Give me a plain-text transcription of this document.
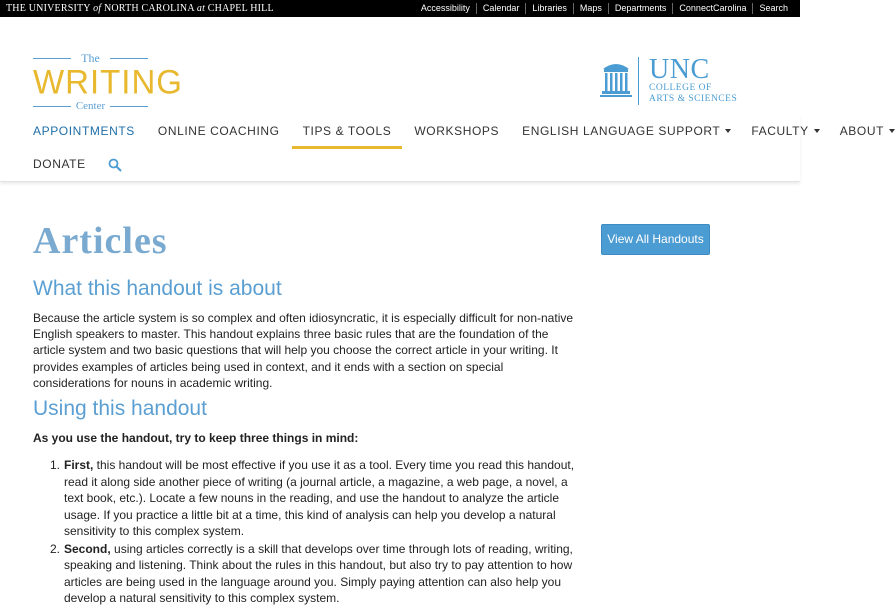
THE UNIVERSITY of NORTH CAROLINA at CHAPEL HILL	Accessibility	Calendar	Libraries	Maps	Departments	ConnectCarolina	Search
The
WRITING
Center
UNC
COLLEGE OF
ARTS & SCIENCES
APPOINTMENTS ONLINE COACHING TIPS & TOOLS WORKSHOPS ENGLISH LANGUAGE SUPPORT	FACULTY	ABOUT
DONATE
Articles	View All Handouts
What this handout is about

Because the article system is so complex and often idiosyncratic, it is especially difficult for non-native English speakers to master. This handout explains three basic rules that are the foundation of the article system and two basic questions that will help you choose the correct article in your writing. It provides examples of articles being used in context, and it ends with a section on special considerations for nouns in academic writing.

Using this handout

As you use the handout, try to keep three things in mind:

1. First, this handout will be most effective if you use it as a tool. Every time you read this handout, read it along side another piece of writing (a journal article, a magazine, a web page, a novel, a text book, etc.). Locate a few nouns in the reading, and use the handout to analyze the article usage. If you practice a little bit at a time, this kind of analysis can help you develop a natural sensitivity to this complex system.
2. Second, using articles correctly is a skill that develops over time through lots of reading, writing, speaking and listening. Think about the rules in this handout, but also try to pay attention to how articles are being used in the language around you. Simply paying attention can also help you develop a natural sensitivity to this complex system.
